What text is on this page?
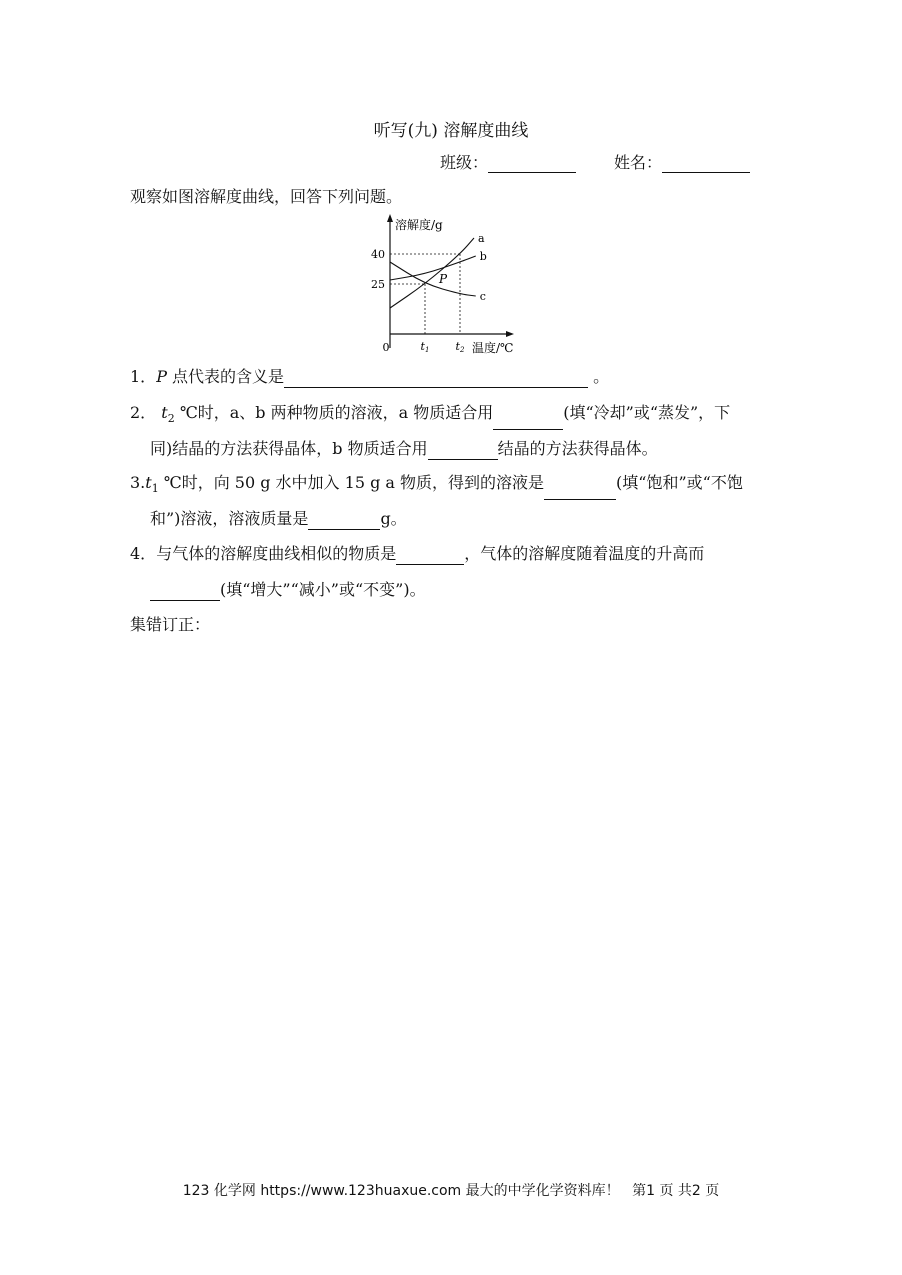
听写(九) 溶解度曲线
班级：	姓名：
观察如图溶解度曲线，回答下列问题。
a
b
c
溶解度/g
温度/℃
0
40
25
t1 t2
P
1．P 点代表的含义是	。
2． $t_2$ ℃时，a、b 两种物质的溶液，a 物质适合用	(填“冷却”或“蒸发”，下
同)结晶的方法获得晶体，b 物质适合用	结晶的方法获得晶体。
$3.t_1$ ℃时，向 50 g 水中加入 15 g a 物质，得到的溶液是	(填“饱和”或“不饱
和”)溶液，溶液质量是	g。
4．与气体的溶解度曲线相似的物质是	，气体的溶解度随着温度的升高而
(填“增大”“减小”或“不变”)。
集错订正：
123 化学网 https://www.123huaxue.com 最大的中学化学资料库！ 第1 页 共2 页
